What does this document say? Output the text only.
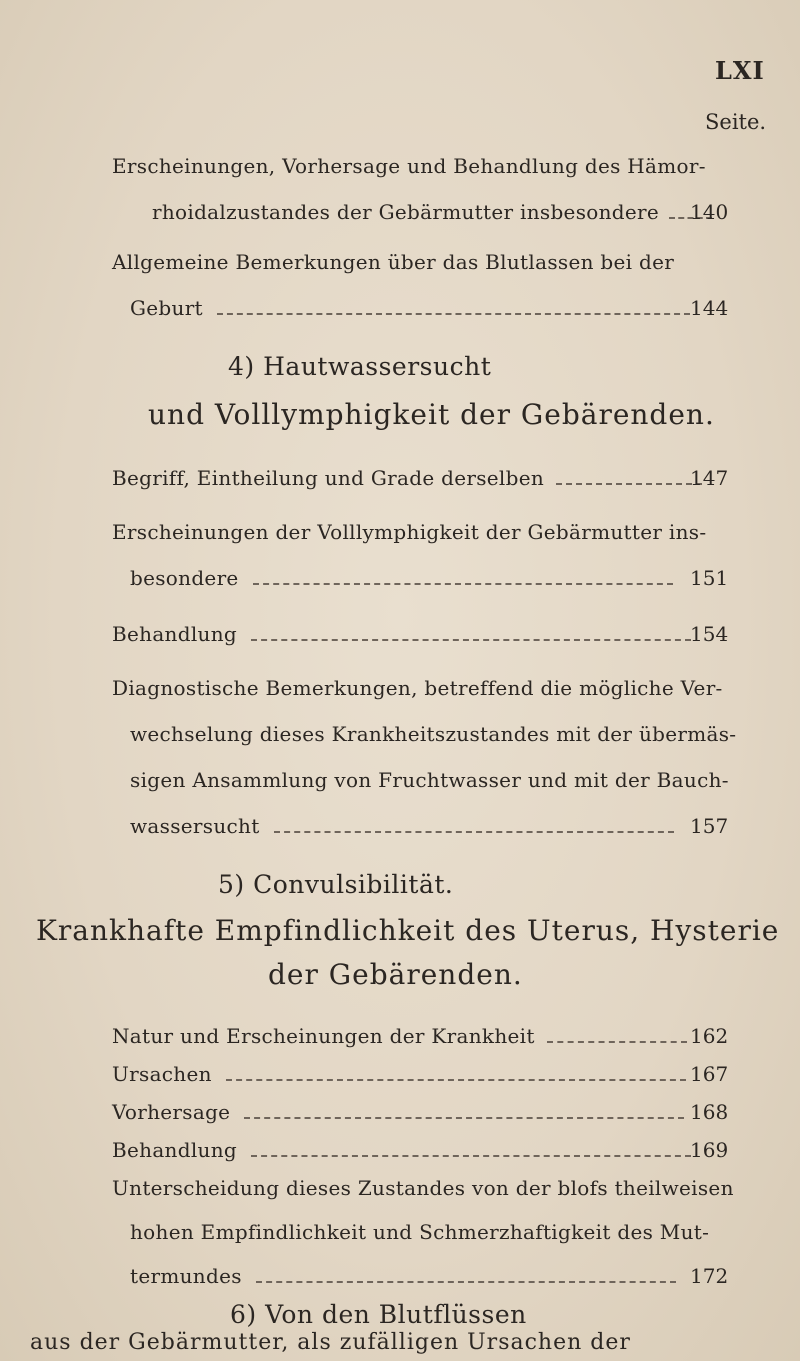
LXI
Seite.
Erscheinungen, Vorhersage und Behandlung des Hämor-
rhoidalzustandes der Gebärmutter insbesondere 140
Allgemeine Bemerkungen über das Blutlassen bei der
Geburt	144
4) Hautwassersucht
und Volllymphigkeit der Gebärenden.
Begriff, Eintheilung und Grade derselben	147
Erscheinungen der Volllymphigkeit der Gebärmutter ins-
besondere	151
Behandlung	154
Diagnostische Bemerkungen, betreffend die mögliche Ver-
wechselung dieses Krankheitszustandes mit der übermäs-
sigen Ansammlung von Fruchtwasser und mit der Bauch-
wassersucht	157
5) Convulsibilität.
Krankhafte Empfindlichkeit des Uterus, Hysterie
der Gebärenden.
Natur und Erscheinungen der Krankheit	162
Ursachen	167
Vorhersage	168
Behandlung	169
Unterscheidung dieses Zustandes von der blofs theilweisen
hohen Empfindlichkeit und Schmerzhaftigkeit des Mut-
termundes	172
6) Von den Blutflüssen
aus der Gebärmutter, als zufälligen Ursachen der
